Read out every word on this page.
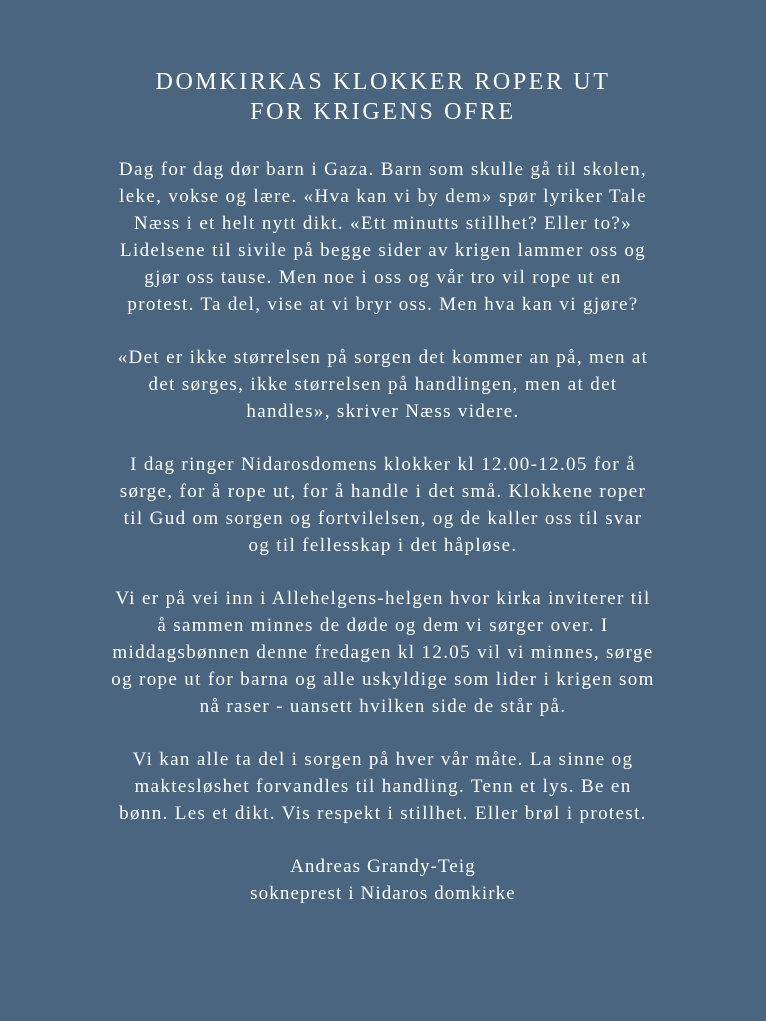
DOMKIRKAS KLOKKER ROPER UT
FOR KRIGENS OFRE

Dag for dag dør barn i Gaza. Barn som skulle gå til skolen,
leke, vokse og lære. «Hva kan vi by dem» spør lyriker Tale
Næss i et helt nytt dikt. «Ett minutts stillhet? Eller to?»
Lidelsene til sivile på begge sider av krigen lammer oss og
gjør oss tause. Men noe i oss og vår tro vil rope ut en
protest. Ta del, vise at vi bryr oss. Men hva kan vi gjøre?

«Det er ikke størrelsen på sorgen det kommer an på, men at
det sørges, ikke størrelsen på handlingen, men at det
handles», skriver Næss videre.

I dag ringer Nidarosdomens klokker kl 12.00-12.05 for å
sørge, for å rope ut, for å handle i det små. Klokkene roper
til Gud om sorgen og fortvilelsen, og de kaller oss til svar
og til fellesskap i det håpløse.

Vi er på vei inn i Allehelgens-helgen hvor kirka inviterer til
å sammen minnes de døde og dem vi sørger over. I
middagsbønnen denne fredagen kl 12.05 vil vi minnes, sørge
og rope ut for barna og alle uskyldige som lider i krigen som
nå raser - uansett hvilken side de står på.

Vi kan alle ta del i sorgen på hver vår måte. La sinne og
maktesløshet forvandles til handling. Tenn et lys. Be en
bønn. Les et dikt. Vis respekt i stillhet. Eller brøl i protest.

Andreas Grandy-Teig
sokneprest i Nidaros domkirke
